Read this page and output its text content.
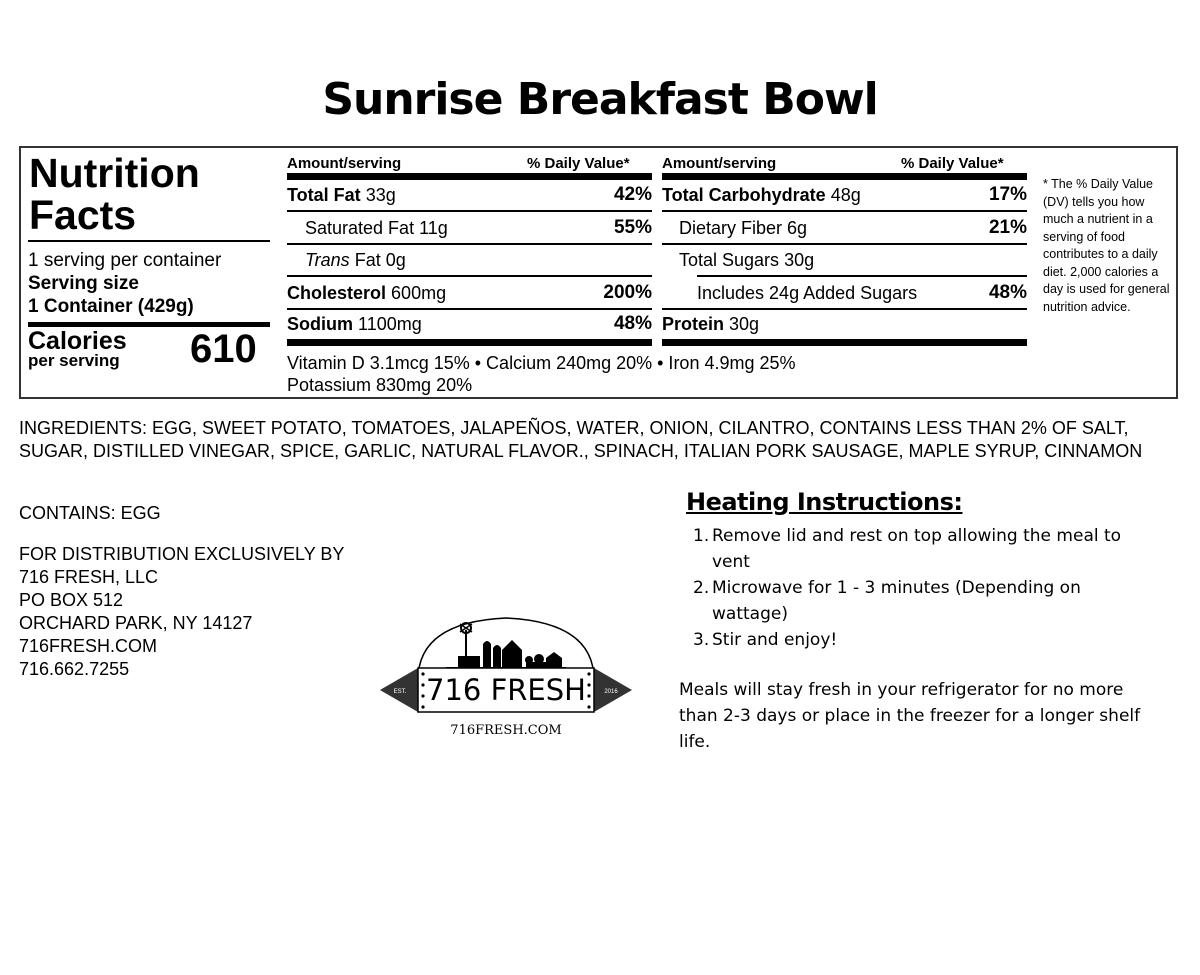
Sunrise Breakfast Bowl
Nutrition
Facts
1 serving per container
Serving size
1 Container (429g)
Calories
per serving 610
Amount/serving	% Daily Value* Amount/serving	% Daily Value*
Total Fat 33g	42%
Saturated Fat 11g	55%
Trans Fat 0g
Cholesterol 600mg	200%
Sodium 1100mg	48%
Total Carbohydrate 48g	17%
Dietary Fiber 6g	21%
Total Sugars 30g
Includes 24g Added Sugars	48%
Protein 30g
Vitamin D 3.1mcg 15% • Calcium 240mg 20% • Iron 4.9mg 25%
Potassium 830mg 20%
* The % Daily Value (DV) tells you how much a nutrient in a serving of food contributes to a daily diet. 2,000 calories a day is used for general nutrition advice.
INGREDIENTS: EGG, SWEET POTATO, TOMATOES, JALAPEÑOS, WATER, ONION, CILANTRO, CONTAINS LESS THAN 2% OF SALT, SUGAR, DISTILLED VINEGAR, SPICE, GARLIC, NATURAL FLAVOR., SPINACH, ITALIAN PORK SAUSAGE, MAPLE SYRUP, CINNAMON
CONTAINS: EGG
FOR DISTRIBUTION EXCLUSIVELY BY
716 FRESH, LLC
PO BOX 512
ORCHARD PARK, NY 14127
716FRESH.COM
716.662.7255
EST.	2016
716 FRESH
716FRESH.COM
Heating Instructions:
1. Remove lid and rest on top allowing the meal to vent
2. Microwave for 1 - 3 minutes (Depending on wattage)
3. Stir and enjoy!
Meals will stay fresh in your refrigerator for no more than 2-3 days or place in the freezer for a longer shelf life.
